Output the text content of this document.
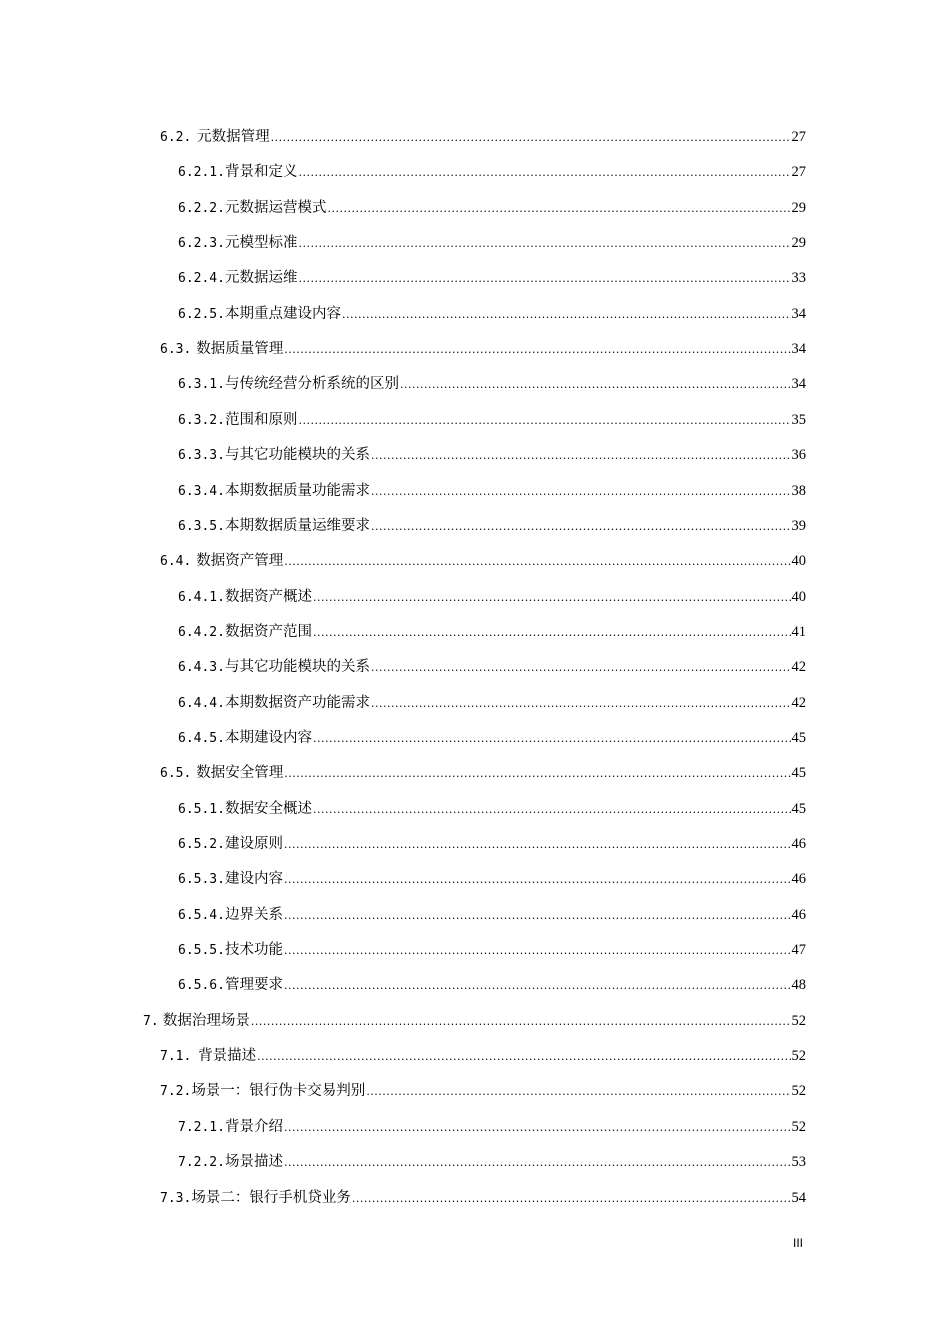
6.2. 元数据管理 .....	27
6.2.1. 背景和定义 .....	27
6.2.2. 元数据运营模式 .....	29
6.2.3. 元模型标准 .....	29
6.2.4. 元数据运维 .....	33
6.2.5. 本期重点建设内容 .....	34
6.3. 数据质量管理 .....	34
6.3.1. 与传统经营分析系统的区别 .....	34
6.3.2. 范围和原则 .....	35
6.3.3. 与其它功能模块的关系 .....	36
6.3.4. 本期数据质量功能需求 .....	38
6.3.5. 本期数据质量运维要求 .....	39
6.4. 数据资产管理 .....	40
6.4.1. 数据资产概述 .....	40
6.4.2. 数据资产范围 .....	41
6.4.3. 与其它功能模块的关系 .....	42
6.4.4. 本期数据资产功能需求 .....	42
6.4.5. 本期建设内容 .....	45
6.5. 数据安全管理 .....	45
6.5.1. 数据安全概述 .....	45
6.5.2. 建设原则 .....	46
6.5.3. 建设内容 .....	46
6.5.4. 边界关系 .....	46
6.5.5. 技术功能 .....	47
6.5.6. 管理要求 .....	48
7. 数据治理场景 .....	52
7.1. 背景描述 .....	52
7.2. 场景一：银行伪卡交易判别 .....	52
7.2.1. 背景介绍 .....	52
7.2.2. 场景描述 .....	53
7.3. 场景二：银行手机贷业务 .....	54
III
